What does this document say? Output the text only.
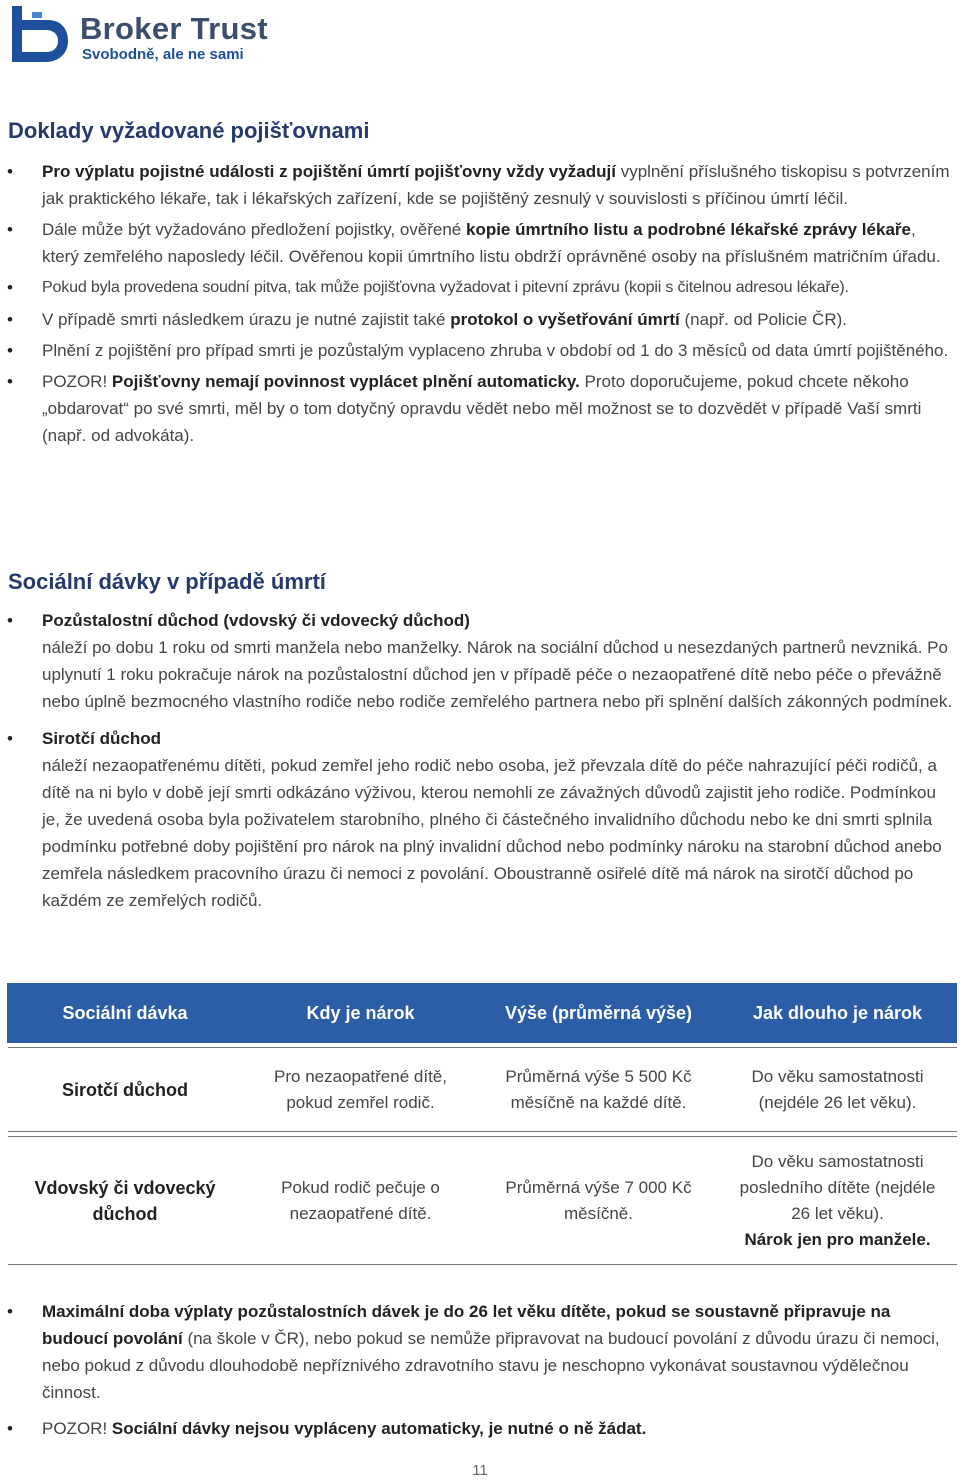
Broker Trust
Svobodně, ale ne sami
Doklady vyžadované pojišťovnami
• Pro výplatu pojistné události z pojištění úmrtí pojišťovny vždy vyžadují vyplnění příslušného tiskopisu s potvrzením jak praktického lékaře, tak i lékařských zařízení, kde se pojištěný zesnulý v souvislosti s příčinou úmrtí léčil.
• Dále může být vyžadováno předložení pojistky, ověřené kopie úmrtního listu a podrobné lékařské zprávy lékaře, který zemřelého naposledy léčil. Ověřenou kopii úmrtního listu obdrží oprávněné osoby na příslušném matričním úřadu.
• Pokud byla provedena soudní pitva, tak může pojišťovna vyžadovat i pitevní zprávu (kopii s čitelnou adresou lékaře).
• V případě smrti následkem úrazu je nutné zajistit také protokol o vyšetřování úmrtí (např. od Policie ČR).
• Plnění z pojištění pro případ smrti je pozůstalým vyplaceno zhruba v období od 1 do 3 měsíců od data úmrtí pojištěného.
• POZOR! Pojišťovny nemají povinnost vyplácet plnění automaticky. Proto doporučujeme, pokud chcete někoho „obdarovat“ po své smrti, měl by o tom dotyčný opravdu vědět nebo měl možnost se to dozvědět v případě Vaší smrti (např. od advokáta).
Sociální dávky v případě úmrtí
• Pozůstalostní důchod (vdovský či vdovecký důchod)
náleží po dobu 1 roku od smrti manžela nebo manželky. Nárok na sociální důchod u nesezdaných partnerů nevzniká. Po uplynutí 1 roku pokračuje nárok na pozůstalostní důchod jen v případě péče o nezaopatřené dítě nebo péče o převážně nebo úplně bezmocného vlastního rodiče nebo rodiče zemřelého partnera nebo při splnění dalších zákonných podmínek.
• Sirotčí důchod
náleží nezaopatřenému dítěti, pokud zemřel jeho rodič nebo osoba, jež převzala dítě do péče nahrazující péči rodičů, a dítě na ni bylo v době její smrti odkázáno výživou, kterou nemohli ze závažných důvodů zajistit jeho rodiče. Podmínkou je, že uvedená osoba byla poživatelem starobního, plného či částečného invalidního důchodu nebo ke dni smrti splnila podmínku potřebné doby pojištění pro nárok na plný invalidní důchod nebo podmínky nároku na starobní důchod anebo zemřela následkem pracovního úrazu či nemoci z povolání. Oboustranně osiřelé dítě má nárok na sirotčí důchod po každém ze zemřelých rodičů.
Sociální dávka	Kdy je nárok	Výše (průměrná výše)	Jak dlouho je nárok

Sirotčí důchod	Pro nezaopatřené dítě, pokud zemřel rodič.	Průměrná výše 5 500 Kč měsíčně na každé dítě.	Do věku samostatnosti (nejdéle 26 let věku).

Vdovský či vdovecký důchod	Pokud rodič pečuje o nezaopatřené dítě.	Průměrná výše 7 000 Kč měsíčně.	Do věku samostatnosti posledního dítěte (nejdéle 26 let věku).
Nárok jen pro manžele.
• Maximální doba výplaty pozůstalostních dávek je do 26 let věku dítěte, pokud se soustavně připravuje na budoucí povolání (na škole v ČR), nebo pokud se nemůže připravovat na budoucí povolání z důvodu úrazu či nemoci, nebo pokud z důvodu dlouhodobě nepříznivého zdravotního stavu je neschopno vykonávat soustavnou výdělečnou činnost.
• POZOR! Sociální dávky nejsou vypláceny automaticky, je nutné o ně žádat.
11
